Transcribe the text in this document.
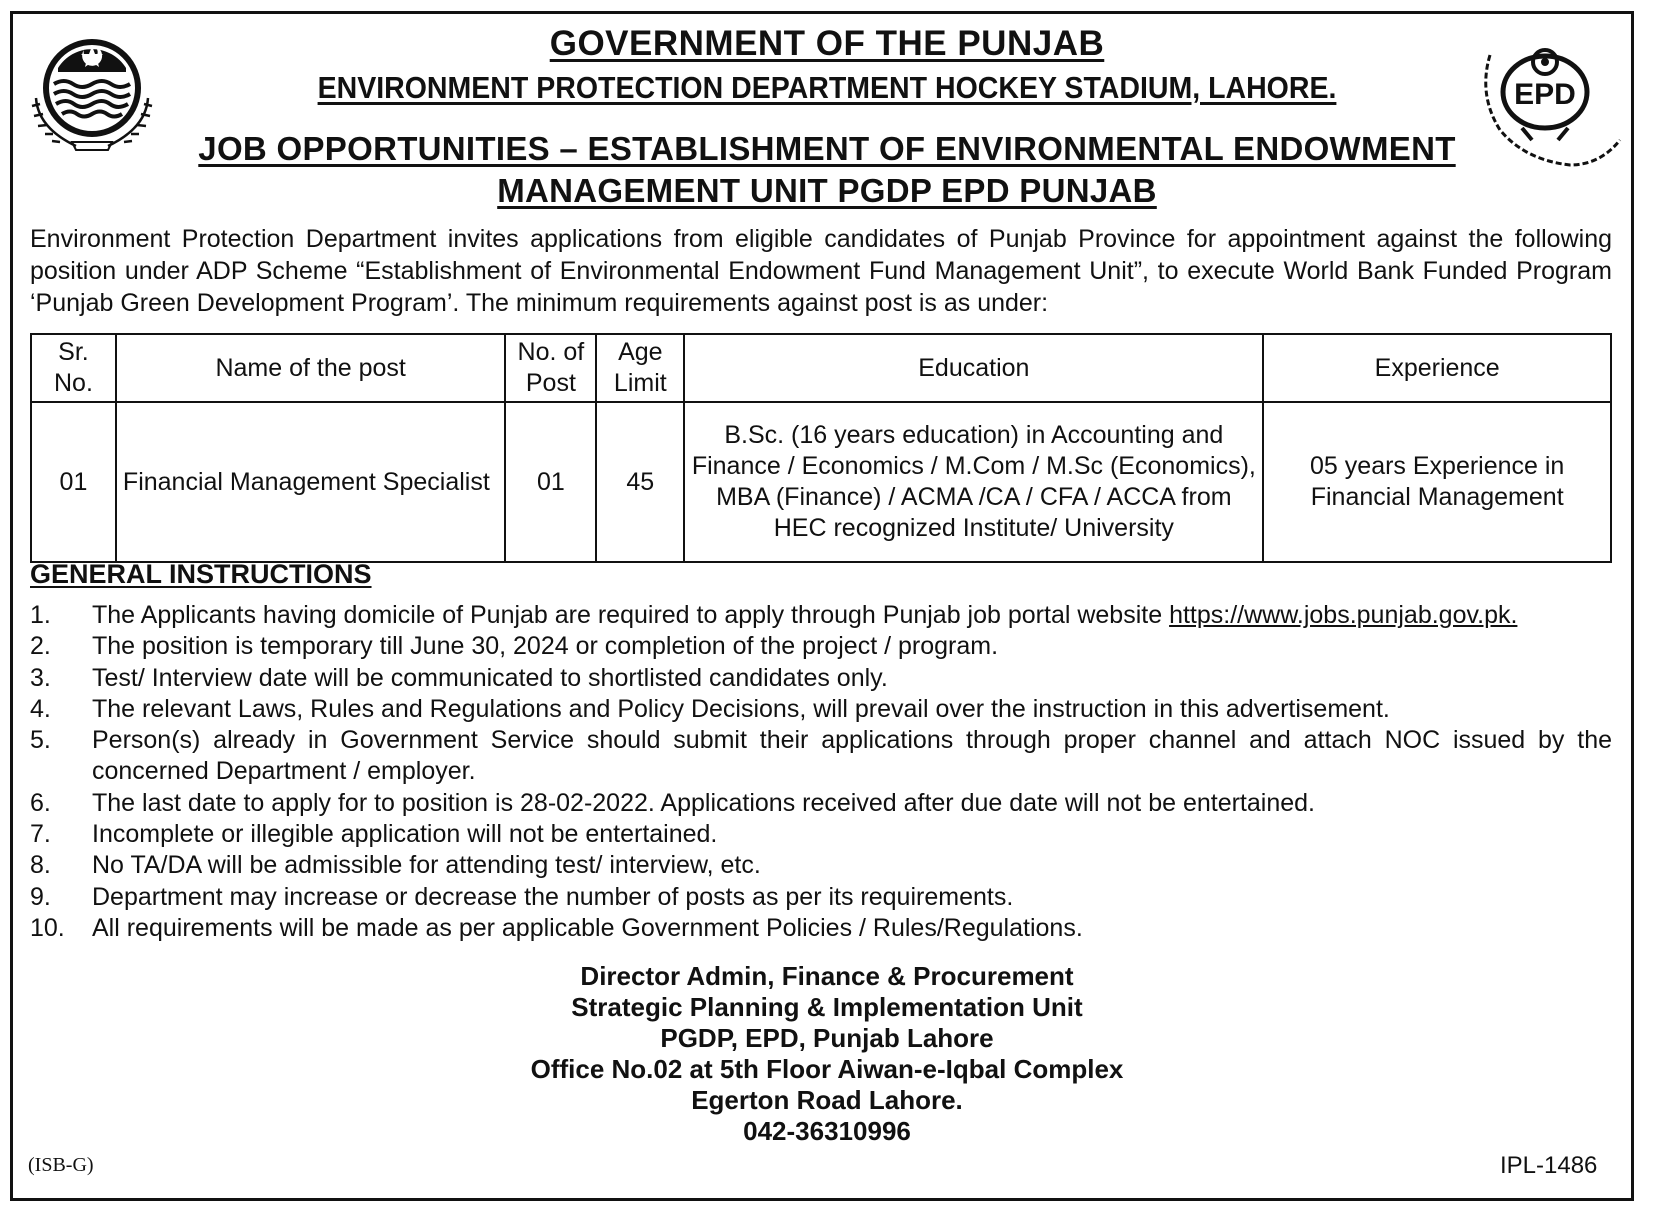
EPD
GOVERNMENT OF THE PUNJAB
ENVIRONMENT PROTECTION DEPARTMENT HOCKEY STADIUM, LAHORE.
JOB OPPORTUNITIES – ESTABLISHMENT OF ENVIRONMENTAL ENDOWMENT
MANAGEMENT UNIT PGDP EPD PUNJAB
Environment Protection Department invites applications from eligible candidates of Punjab Province for appointment against the following position under ADP Scheme “Establishment of Environmental Endowment Fund Management Unit”, to execute World Bank Funded Program ‘Punjab Green Development Program’. The minimum requirements against post is as under:
Sr. No.	Name of the post	No. of Post	Age Limit	Education	Experience
01	Financial Management Specialist	01	45	B.Sc. (16 years education) in Accounting and Finance / Economics / M.Com / M.Sc (Economics), MBA (Finance) / ACMA /CA / CFA / ACCA from HEC recognized Institute/ University	05 years Experience in Financial Management
GENERAL INSTRUCTIONS
1.	The Applicants having domicile of Punjab are required to apply through Punjab job portal website https://www.jobs.punjab.gov.pk.
2.	The position is temporary till June 30, 2024 or completion of the project / program.
3.	Test/ Interview date will be communicated to shortlisted candidates only.
4.	The relevant Laws, Rules and Regulations and Policy Decisions, will prevail over the instruction in this advertisement.
5.	Person(s) already in Government Service should submit their applications through proper channel and attach NOC issued by the concerned Department / employer.
6.	The last date to apply for to position is 28-02-2022. Applications received after due date will not be entertained.
7.	Incomplete or illegible application will not be entertained.
8.	No TA/DA will be admissible for attending test/ interview, etc.
9.	Department may increase or decrease the number of posts as per its requirements.
10.	All requirements will be made as per applicable Government Policies / Rules/Regulations.
Director Admin, Finance & Procurement
Strategic Planning & Implementation Unit
PGDP, EPD, Punjab Lahore
Office No.02 at 5th Floor Aiwan-e-Iqbal Complex
Egerton Road Lahore.
042-36310996
(ISB-G)	IPL-1486
